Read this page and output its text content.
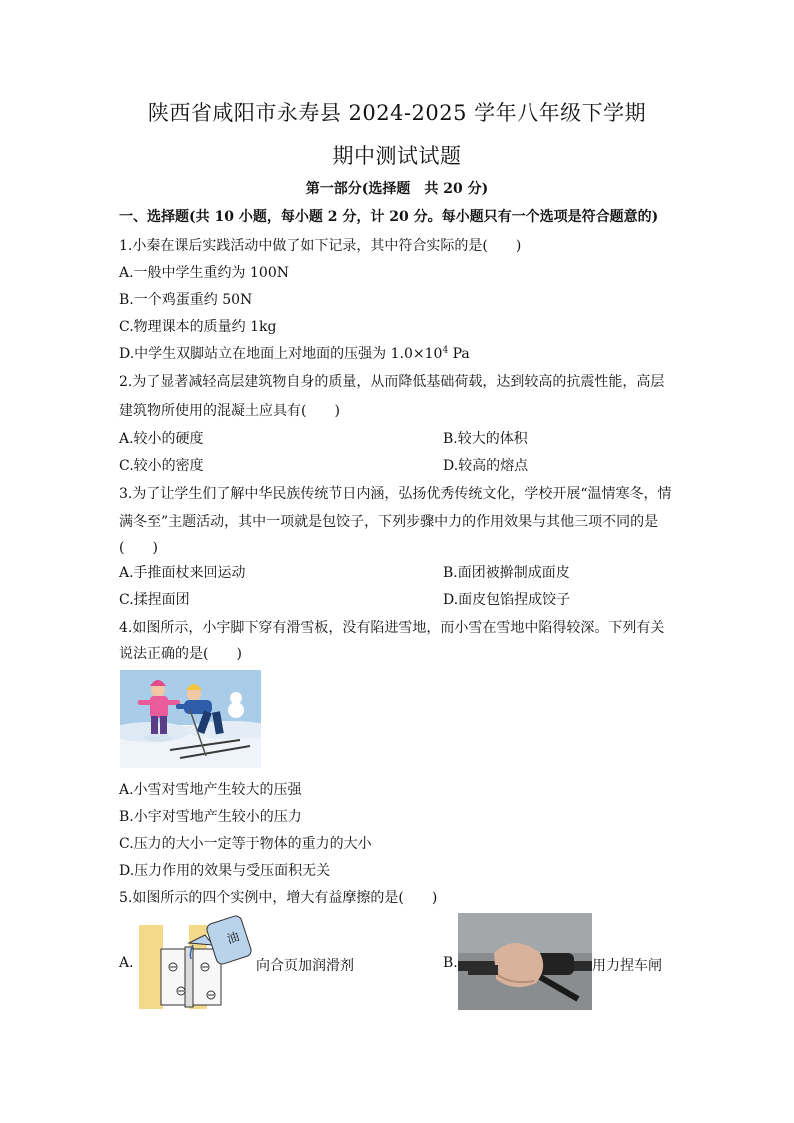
陕西省咸阳市永寿县 2024-2025 学年八年级下学期
期中测试试题
第一部分(选择题　共 20 分)
一、选择题(共 10 小题，每小题 2 分，计 20 分。每小题只有一个选项是符合题意的)
1.小秦在课后实践活动中做了如下记录，其中符合实际的是(　　)
A.一般中学生重约为 100N
B.一个鸡蛋重约 50N
C.物理课本的质量约 1kg
D.中学生双脚站立在地面上对地面的压强为 $1.0\times 10^4$ Pa
2.为了显著减轻高层建筑物自身的质量，从而降低基础荷载，达到较高的抗震性能，高层
建筑物所使用的混凝土应具有(　　)
A.较小的硬度	B.较大的体积
C.较小的密度	D.较高的熔点
3.为了让学生们了解中华民族传统节日内涵，弘扬优秀传统文化，学校开展“温情寒冬，情
满冬至”主题活动，其中一项就是包饺子，下列步骤中力的作用效果与其他三项不同的是
(　　)
A.手推面杖来回运动	B.面团被擀制成面皮
C.揉捏面团	D.面皮包馅捏成饺子
4.如图所示，小宇脚下穿有滑雪板，没有陷进雪地，而小雪在雪地中陷得较深。下列有关
说法正确的是(　　)
A.小雪对雪地产生较大的压强
B.小宇对雪地产生较小的压力
C.压力的大小一定等于物体的重力的大小
D.压力作用的效果与受压面积无关
5.如图所示的四个实例中，增大有益摩擦的是(　　)
A.
油
向合页加润滑剂	B.	用力捏车闸
